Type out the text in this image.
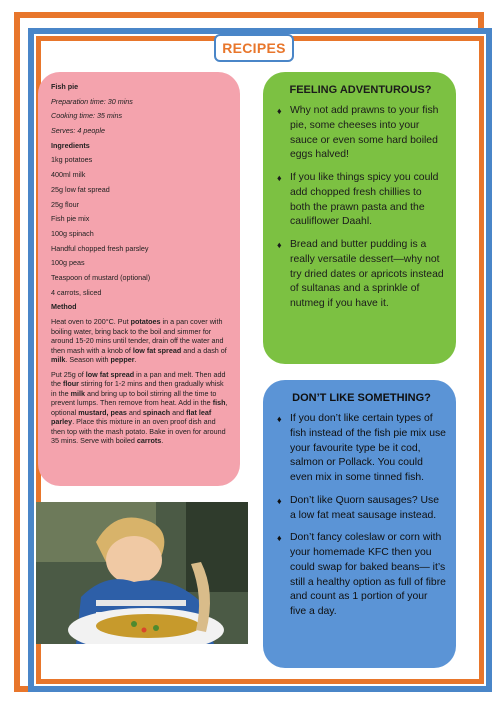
RECIPES

Fish pie

Preparation time: 30 mins

Cooking time: 35 mins

Serves: 4 people

Ingredients

1kg potatoes

400ml milk

25g low fat spread

25g flour

Fish pie mix

100g spinach

Handful chopped fresh parsley

100g peas

Teaspoon of mustard (optional)

4 carrots, sliced

Method

Heat oven to 200°C. Put potatoes in a pan cover with boiling water, bring back to the boil and simmer for around 15-20 mins until tender, drain off the water and then mash with a knob of low fat spread and a dash of milk. Season with pepper.

Put 25g of low fat spread in a pan and melt. Then add the flour stirring for 1-2 mins and then gradually whisk in the milk and bring up to boil stirring all the time to prevent lumps. Then remove from heat. Add in the fish, optional mustard, peas and spinach and flat leaf parley. Place this mixture in an oven proof dish and then top with the mash potato. Bake in oven for around 35 mins. Serve with boiled carrots.

FEELING ADVENTUROUS?
♦ Why not add prawns to your fish pie, some cheeses into your sauce or even some hard boiled eggs halved!
♦ If you like things spicy you could add chopped fresh chillies to both the prawn pasta and the cauliflower Daahl.
♦ Bread and butter pudding is a really versatile dessert—why not try dried dates or apricots instead of sultanas and a sprinkle of nutmeg if you have it.
DON’T LIKE SOMETHING?
♦ If you don’t like certain types of fish instead of the fish pie mix use your favourite type be it cod, salmon or Pollack. You could even mix in some tinned fish.
♦ Don’t like Quorn sausages? Use a low fat meat sausage instead.
♦ Don’t fancy coleslaw or corn with your homemade KFC then you could swap for baked beans— it’s still a healthy option as full of fibre and count as 1 portion of your five a day.
